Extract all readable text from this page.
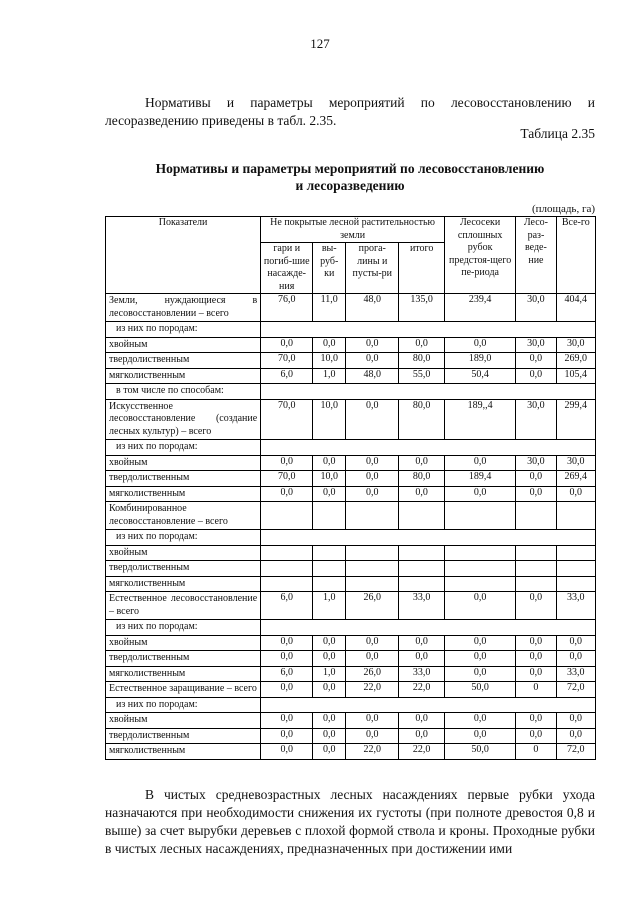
127

Нормативы и параметры мероприятий по лесовосстановлению и лесоразведению приведены в табл. 2.35.

Таблица 2.35
Нормативы и параметры мероприятий по лесовосстановлению
и лесоразведению
(площадь, га)
Показатели	Не покрытые лесной растительностью земли				Лесосеки сплошных рубок предстоя-щего пе-риода	Лесо-раз-веде-ние	Все-го
	гари и погиб-шие насажде-ния	вы-руб-ки	прога-лины и пусты-ри	итого			
Земли, нуждающиеся в лесовосстановлении – всего	76,0	11,0	48,0	135,0	239,4	30,0	404,4
из них по породам:							
хвойным	0,0	0,0	0,0	0,0	0,0	30,0	30,0
твердолиственным	70,0	10,0	0,0	80,0	189,0	0,0	269,0
мягколиственным	6,0	1,0	48,0	55,0	50,4	0,0	105,4
в том числе по способам:							
Искусственное лесовосстановление (создание лесных культур) – всего	70,0	10,0	0,0	80,0	189,,4	30,0	299,4
из них по породам:							
хвойным	0,0	0,0	0,0	0,0	0,0	30,0	30,0
твердолиственным	70,0	10,0	0,0	80,0	189,4	0,0	269,4
мягколиственным	0,0	0,0	0,0	0,0	0,0	0,0	0,0
Комбинированное лесовосстановление – всего							
из них по породам:							
хвойным							
твердолиственным							
мягколиственным							
Естественное лесовосстановление – всего	6,0	1,0	26,0	33,0	0,0	0,0	33,0
из них по породам:							
хвойным	0,0	0,0	0,0	0,0	0,0	0,0	0,0
твердолиственным	0,0	0,0	0,0	0,0	0,0	0,0	0,0
мягколиственным	6,0	1,0	26,0	33,0	0,0	0,0	33,0
Естественное заращивание – всего	0,0	0,0	22,0	22,0	50,0	0	72,0
из них по породам:							
хвойным	0,0	0,0	0,0	0,0	0,0	0,0	0,0
твердолиственным	0,0	0,0	0,0	0,0	0,0	0,0	0,0
мягколиственным	0,0	0,0	22,0	22,0	50,0	0	72,0

В чистых средневозрастных лесных насаждениях первые рубки ухода назначаются при необходимости снижения их густоты (при полноте древостоя 0,8 и выше) за счет вырубки деревьев с плохой формой ствола и кроны. Проходные рубки в чистых лесных насаждениях, предназначенных при достижении ими
